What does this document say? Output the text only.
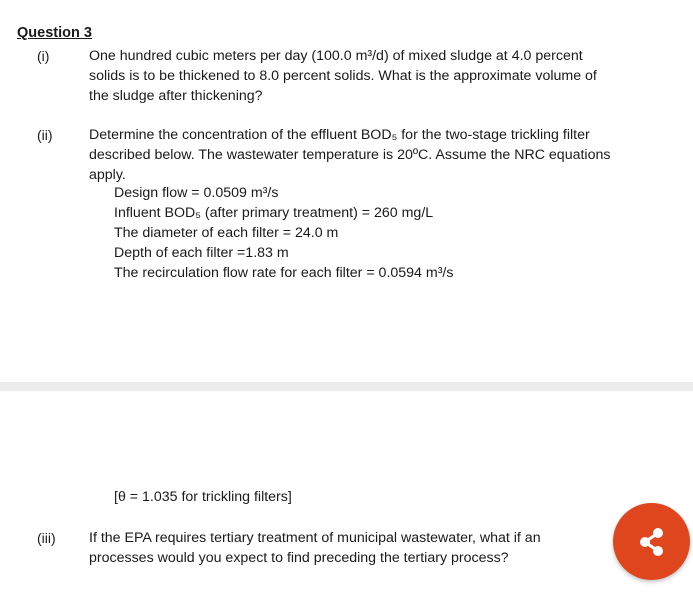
Question 3
(i)	One hundred cubic meters per day (100.0 m³/d) of mixed sludge at 4.0 percent
solids is to be thickened to 8.0 percent solids. What is the approximate volume of
the sludge after thickening?
(ii)	Determine the concentration of the effluent BOD₅ for the two-stage trickling filter
described below. The wastewater temperature is 20ºC. Assume the NRC equations
apply.
Design flow = 0.0509 m³/s
Influent BOD₅ (after primary treatment) = 260 mg/L
The diameter of each filter = 24.0 m
Depth of each filter =1.83 m
The recirculation flow rate for each filter = 0.0594 m³/s
[θ = 1.035 for trickling filters]
(iii) If the EPA requires tertiary treatment of municipal wastewater, what if an
processes would you expect to find preceding the tertiary process?
